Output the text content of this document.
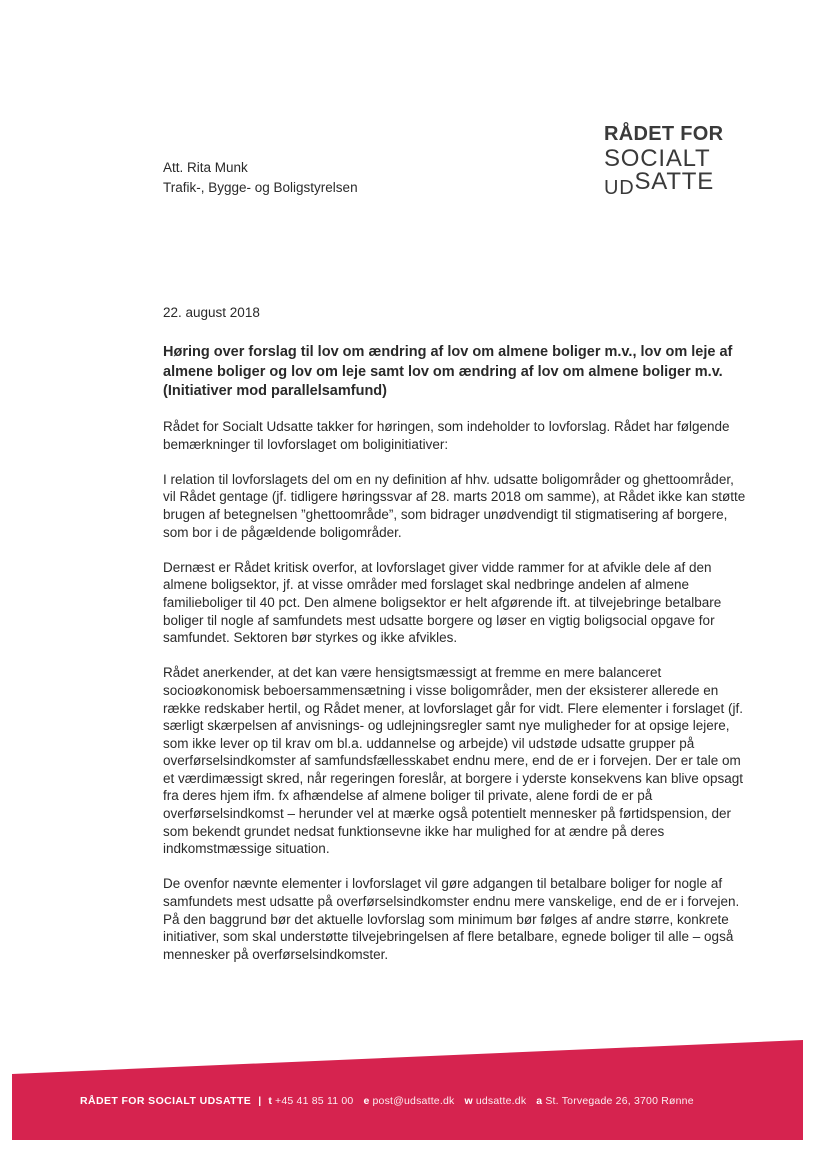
Att. Rita Munk
Trafik-, Bygge- og Boligstyrelsen
RÅDET FOR
SOCIALT
UDSATTE
22. august 2018
Høring over forslag til lov om ændring af lov om almene boliger m.v., lov om leje af almene boliger og lov om leje samt lov om ændring af lov om almene boliger m.v. (Initiativer mod parallelsamfund)

Rådet for Socialt Udsatte takker for høringen, som indeholder to lovforslag. Rådet har følgende bemærkninger til lovforslaget om boliginitiativer:

I relation til lovforslagets del om en ny definition af hhv. udsatte boligområder og ghettoområder, vil Rådet gentage (jf. tidligere høringssvar af 28. marts 2018 om samme), at Rådet ikke kan støtte brugen af betegnelsen ”ghettoområde”, som bidrager unødvendigt til stigmatisering af borgere, som bor i de pågældende boligområder.

Dernæst er Rådet kritisk overfor, at lovforslaget giver vidde rammer for at afvikle dele af den almene boligsektor, jf. at visse områder med forslaget skal nedbringe andelen af almene familieboliger til 40 pct. Den almene boligsektor er helt afgørende ift. at tilvejebringe betalbare boliger til nogle af samfundets mest udsatte borgere og løser en vigtig boligsocial opgave for samfundet. Sektoren bør styrkes og ikke afvikles.

Rådet anerkender, at det kan være hensigtsmæssigt at fremme en mere balanceret socioøkonomisk beboersammensætning i visse boligområder, men der eksisterer allerede en række redskaber hertil, og Rådet mener, at lovforslaget går for vidt. Flere elementer i forslaget (jf. særligt skærpelsen af anvisnings- og udlejningsregler samt nye muligheder for at opsige lejere, som ikke lever op til krav om bl.a. uddannelse og arbejde) vil udstøde udsatte grupper på overførselsindkomster af samfundsfællesskabet endnu mere, end de er i forvejen. Der er tale om et værdimæssigt skred, når regeringen foreslår, at borgere i yderste konsekvens kan blive opsagt fra deres hjem ifm. fx afhændelse af almene boliger til private, alene fordi de er på overførselsindkomst – herunder vel at mærke også potentielt mennesker på førtidspension, der som bekendt grundet nedsat funktionsevne ikke har mulighed for at ændre på deres indkomstmæssige situation.

De ovenfor nævnte elementer i lovforslaget vil gøre adgangen til betalbare boliger for nogle af samfundets mest udsatte på overførselsindkomster endnu mere vanskelige, end de er i forvejen. På den baggrund bør det aktuelle lovforslag som minimum bør følges af andre større, konkrete initiativer, som skal understøtte tilvejebringelsen af flere betalbare, egnede boliger til alle – også mennesker på overførselsindkomster.

RÅDET FOR SOCIALT UDSATTE | t +45 41 85 11 00 e post@udsatte.dk w udsatte.dk a St. Torvegade 26, 3700 Rønne
